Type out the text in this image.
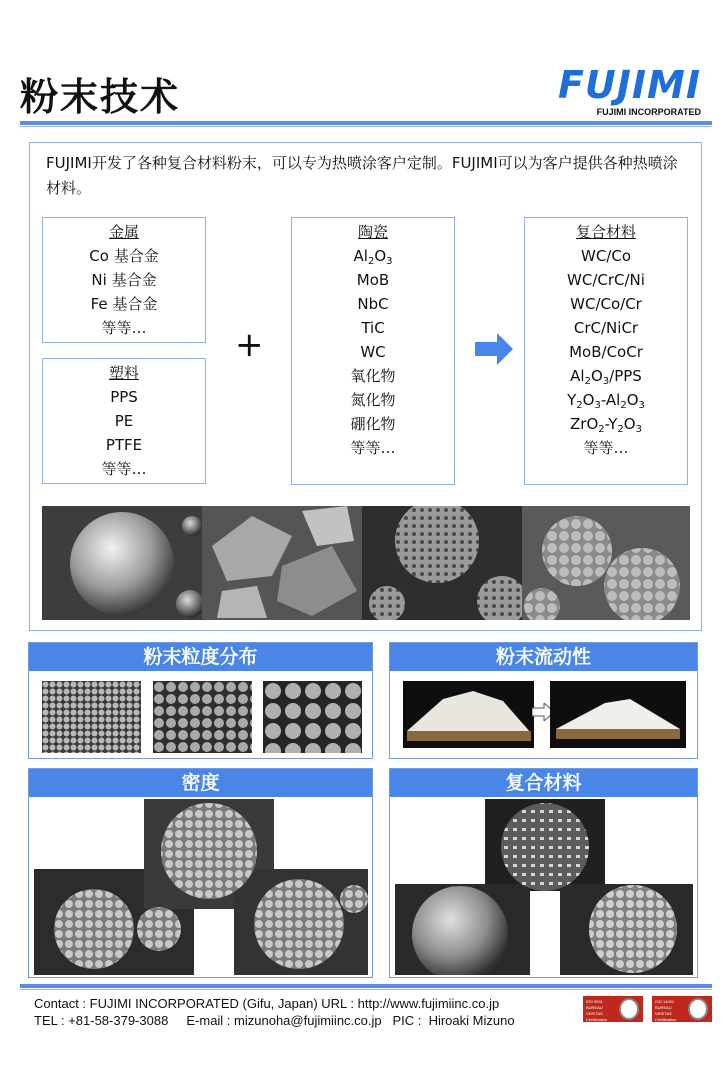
粉末技术	FUJIMI
FUJIMI INCORPORATED
FUJIMI开发了各种复合材料粉末，可以专为热喷涂客户定制。FUJIMI可以为客户提供各种热喷涂材料。
金属
Co 基合金
Ni 基合金
Fe 基合金
等等…
塑料
PPS
PE
PTFE
等等…
+
陶瓷
$Al_2O_3$
MoB
NbC
TiC
WC
氧化物
氮化物
硼化物
等等…
复合材料
WC/Co
WC/CrC/Ni
WC/Co/Cr
CrC/NiCr
MoB/CoCr
$Al_2O_3$/PPS
$Y_2O_3-Al_2O_3$
$ZrO_2-Y_2O_3$
等等…
粉末粒度分布	粉末流动性
密度	复合材料
Contact : FUJIMI INCORPORATED (Gifu, Japan) URL : http://www.fujimiinc.co.jp
TEL : +81-58-379-3088     E-mail : mizunoha@fujimiinc.co.jp   PIC :  Hiroaki Mizuno
ISO 9001 BUREAU VERITAS Certification
ISO 14001 BUREAU VERITAS Certification
